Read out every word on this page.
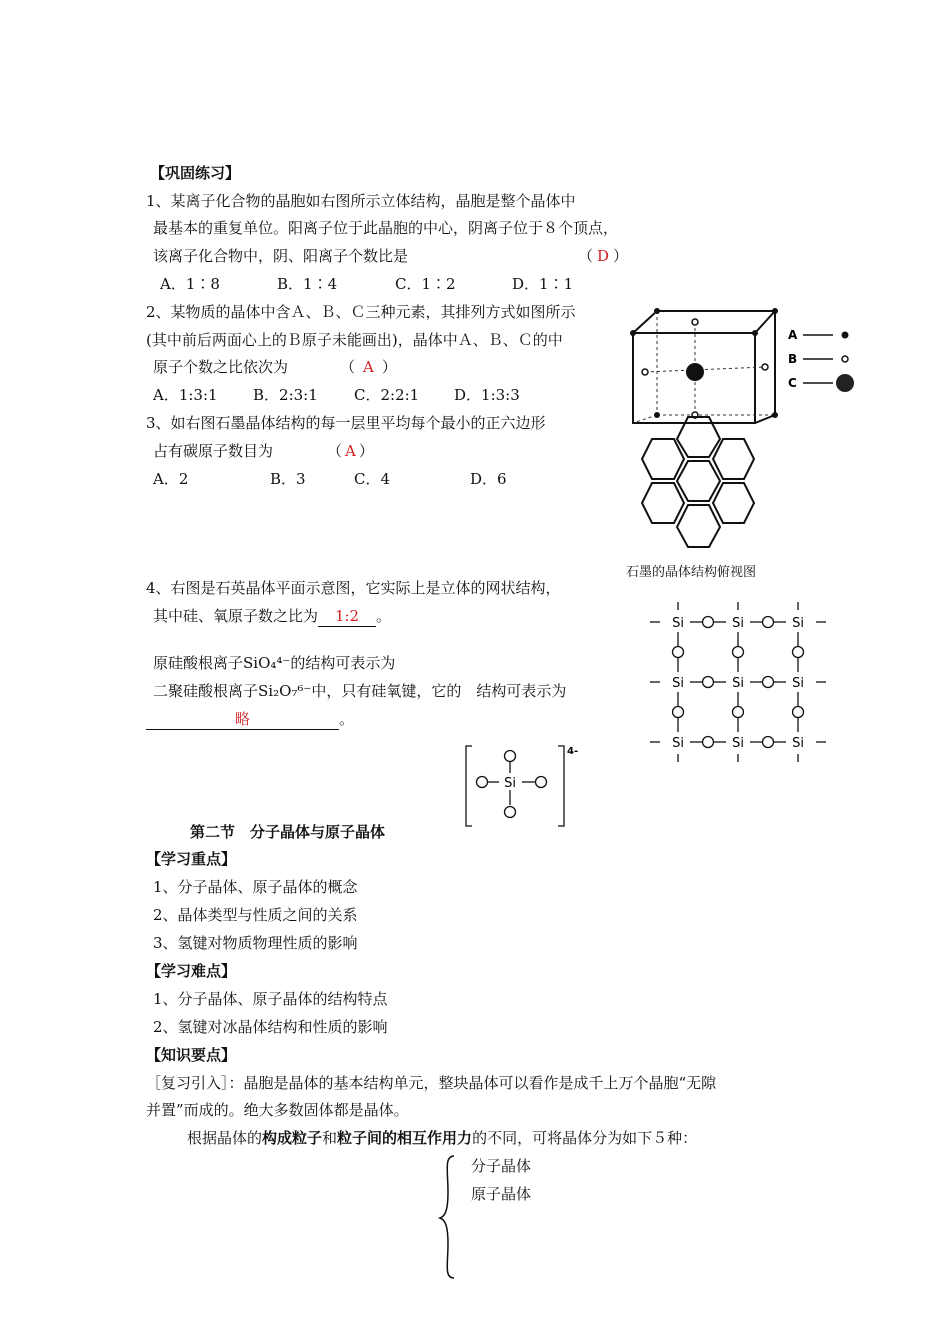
【巩固练习】
1、某离子化合物的晶胞如右图所示立体结构，晶胞是整个晶体中
最基本的重复单位。阳离子位于此晶胞的中心，阴离子位于８个顶点，
该离子化合物中，阴、阳离子个数比是	（ D ）
A．1∶8	B．1∶4	C．1∶2	D．1∶1
2、某物质的晶体中含Ａ、Ｂ、Ｃ三种元素，其排列方式如图所示
(其中前后两面心上的Ｂ原子未能画出)，晶体中Ａ、Ｂ、Ｃ的中
原子个数之比依次为	（ A ）
A．1:3:1 B．2:3:1 C．2:2:1 D．1:3:3
3、如右图石墨晶体结构的每一层里平均每个最小的正六边形
占有碳原子数目为	（ A ）
A．2	B．3	C．4	D．6
4、右图是石英晶体平面示意图，它实际上是立体的网状结构，
其中硅、氧原子数之比为 1:2 。
原硅酸根离子SiO₄⁴⁻的结构可表示为
二聚硅酸根离子Si₂O₇⁶⁻中，只有硅氧键，它的　结构可表示为
略	。
A
B
C
石墨的晶体结构俯视图
Si	Si	Si
Si	Si	Si
Si	Si	Si
Si
4-
第二节　分子晶体与原子晶体
【学习重点】
1、分子晶体、原子晶体的概念
2、晶体类型与性质之间的关系
3、氢键对物质物理性质的影响
【学习难点】
1、分子晶体、原子晶体的结构特点
2、氢键对冰晶体结构和性质的影响
【知识要点】
［复习引入］：晶胞是晶体的基本结构单元，整块晶体可以看作是成千上万个晶胞“无隙
并置”而成的。绝大多数固体都是晶体。
根据晶体的构成粒子和粒子间的相互作用力的不同，可将晶体分为如下５种：
分子晶体
原子晶体
